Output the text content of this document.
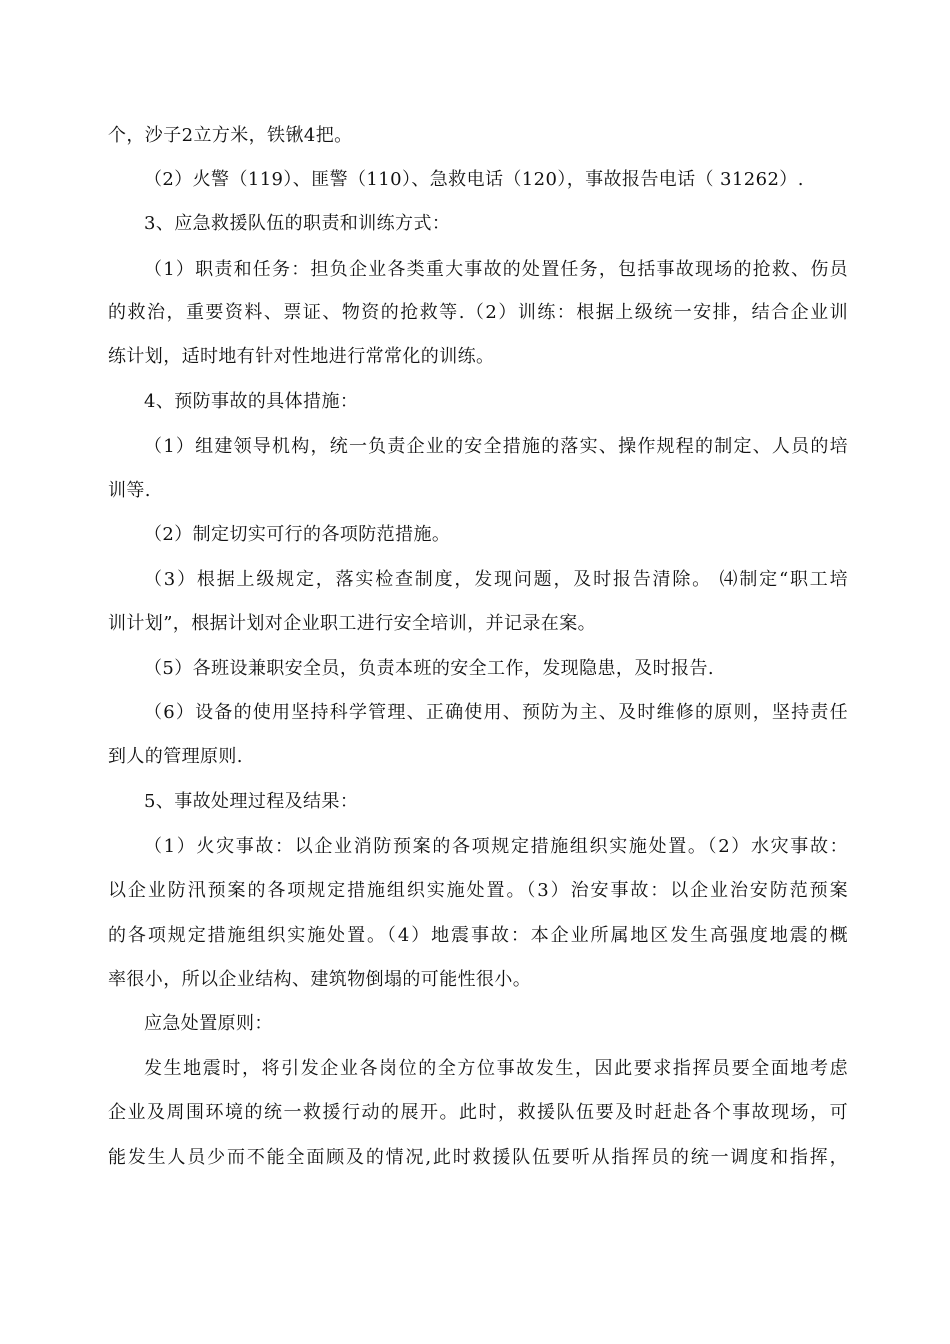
个，沙子2立方米，铁锹4把。
（2）火警（119）、匪警（110）、急救电话（120），事故报告电话（ 31262）.
3、应急救援队伍的职责和训练方式：
（1）职责和任务：担负企业各类重大事故的处置任务，包括事故现场的抢救、伤员
的救治，重要资料、票证、物资的抢救等.（2）训练：根据上级统一安排，结合企业训
练计划，适时地有针对性地进行常常化的训练。
4、预防事故的具体措施：
（1）组建领导机构，统一负责企业的安全措施的落实、操作规程的制定、人员的培
训等.
（2）制定切实可行的各项防范措施。
（3）根据上级规定，落实检查制度，发现问题，及时报告清除。 ⑷制定“职工培
训计划”，根据计划对企业职工进行安全培训，并记录在案。
（5）各班设兼职安全员，负责本班的安全工作，发现隐患，及时报告.
（6）设备的使用坚持科学管理、正确使用、预防为主、及时维修的原则，坚持责任
到人的管理原则.
5、事故处理过程及结果：
（1）火灾事故：以企业消防预案的各项规定措施组织实施处置。（2）水灾事故：
以企业防汛预案的各项规定措施组织实施处置。（3）治安事故：以企业治安防范预案
的各项规定措施组织实施处置。（4）地震事故：本企业所属地区发生高强度地震的概
率很小，所以企业结构、建筑物倒塌的可能性很小。
应急处置原则：
发生地震时，将引发企业各岗位的全方位事故发生，因此要求指挥员要全面地考虑
企业及周围环境的统一救援行动的展开。此时，救援队伍要及时赶赴各个事故现场，可
能发生人员少而不能全面顾及的情况,此时救援队伍要听从指挥员的统一调度和指挥，
